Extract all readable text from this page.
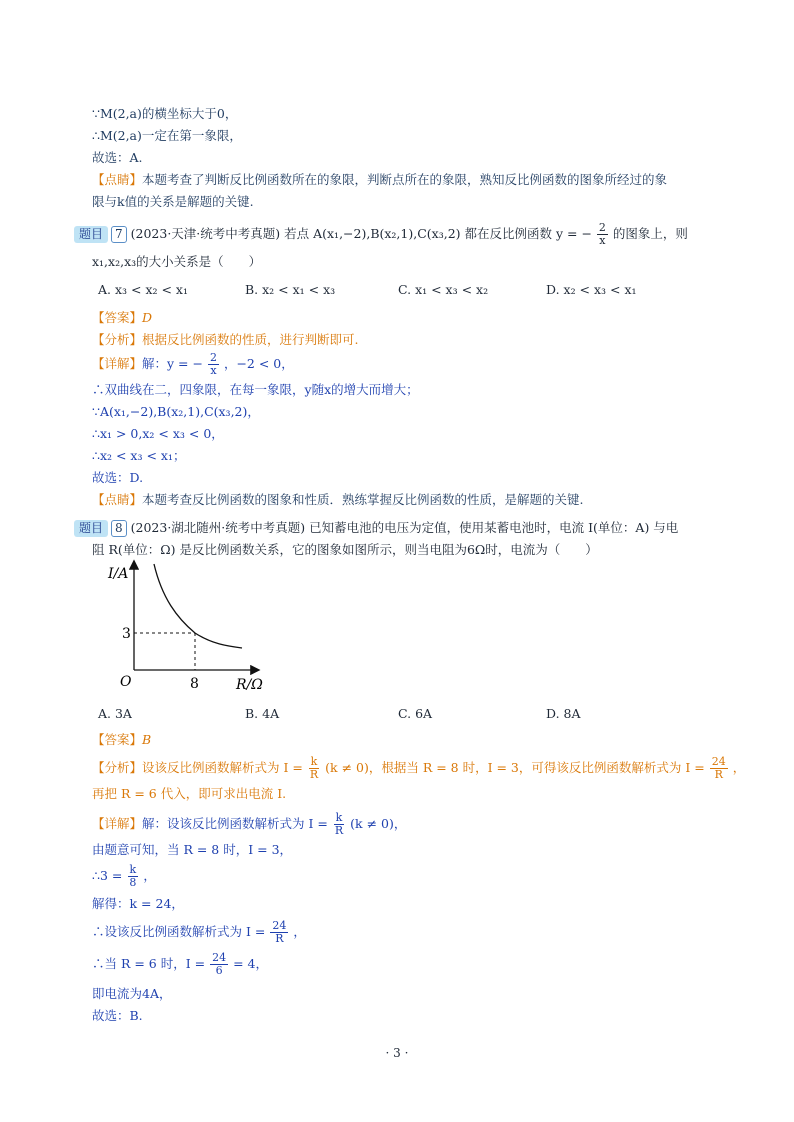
∵M(2,a)的横坐标大于0，
∴M(2,a)一定在第一象限，
故选：A.
【点睛】本题考查了判断反比例函数所在的象限，判断点所在的象限，熟知反比例函数的图象所经过的象
限与k值的关系是解题的关键.
题目 7 (2023·天津·统考中考真题) 若点 A(x₁,−2),B(x₂,1),C(x₃,2) 都在反比例函数 y = − $\frac{2}{x}$ 的图象上，则
x₁,x₂,x₃的大小关系是（　　）
A. x₃ < x₂ < x₁	B. x₂ < x₁ < x₃	C. x₁ < x₃ < x₂	D. x₂ < x₃ < x₁
【答案】D
【分析】根据反比例函数的性质，进行判断即可.
【详解】解：y = − $\frac{2}{x}$ ，−2 < 0，
∴双曲线在二，四象限，在每一象限，y随x的增大而增大；
∵A(x₁,−2),B(x₂,1),C(x₃,2)，
∴x₁ > 0,x₂ < x₃ < 0，
∴x₂ < x₃ < x₁；
故选：D.
【点睛】本题考查反比例函数的图象和性质．熟练掌握反比例函数的性质，是解题的关键.
题目 8 (2023·湖北随州·统考中考真题) 已知蓄电池的电压为定值，使用某蓄电池时，电流 I(单位：A) 与电
阻 R(单位：Ω) 是反比例函数关系，它的图象如图所示，则当电阻为6Ω时，电流为（　　）
I/A
R/Ω
O
3
8
A. 3A	B. 4A	C. 6A	D. 8A
【答案】B
【分析】设该反比例函数解析式为 $I = \frac{k}{R} (k \ne 0)$，根据当 R = 8 时，I = 3，可得该反比例函数解析式为 $I = \frac{24}{R}$ ，
再把 R = 6 代入，即可求出电流 I.
【详解】解：设该反比例函数解析式为 $I = \frac{k}{R} (k \ne 0)$，
由题意可知，当 R = 8 时，I = 3，
∴3 = $\frac{k}{8}$ ，
解得：k = 24，
∴设该反比例函数解析式为 $I = \frac{24}{R}$ ，
∴当 R = 6 时，$I = \frac{24}{6} = 4$，
即电流为4A，
故选：B.
· 3 ·
